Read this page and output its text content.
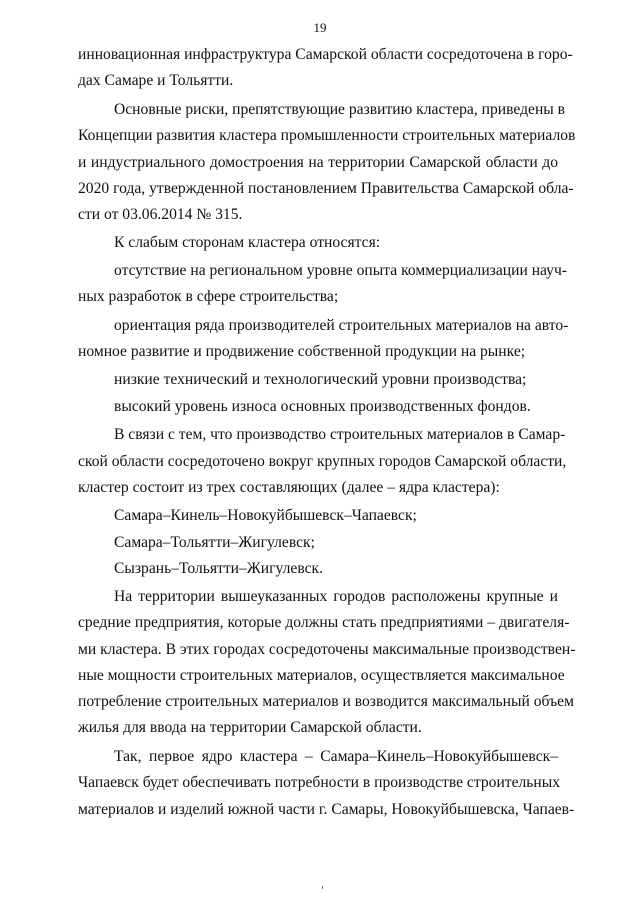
19
инновационная инфраструктура Самарской области сосредоточена в горо-
дах Самаре и Тольятти.
Основные риски, препятствующие развитию кластера, приведены в
Концепции развития кластера промышленности строительных материалов
и индустриального домостроения на территории Самарской области до
2020 года, утвержденной постановлением Правительства Самарской обла-
сти от 03.06.2014 № 315.
К слабым сторонам кластера относятся:
отсутствие на региональном уровне опыта коммерциализации науч-
ных разработок в сфере строительства;
ориентация ряда производителей строительных материалов на авто-
номное развитие и продвижение собственной продукции на рынке;
низкие технический и технологический уровни производства;
высокий уровень износа основных производственных фондов.
В связи с тем, что производство строительных материалов в Самар-
ской области сосредоточено вокруг крупных городов Самарской области,
кластер состоит из трех составляющих (далее – ядра кластера):
Самара–Кинель–Новокуйбышевск–Чапаевск;
Самара–Тольятти–Жигулевск;
Сызрань–Тольятти–Жигулевск.
На территории вышеуказанных городов расположены крупные и
средние предприятия, которые должны стать предприятиями – двигателя-
ми кластера. В этих городах сосредоточены максимальные производствен-
ные мощности строительных материалов, осуществляется максимальное
потребление строительных материалов и возводится максимальный объем
жилья для ввода на территории Самарской области.
Так, первое ядро кластера – Самара–Кинель–Новокуйбышевск–
Чапаевск будет обеспечивать потребности в производстве строительных
материалов и изделий южной части г. Самары, Новокуйбышевска, Чапаев-
